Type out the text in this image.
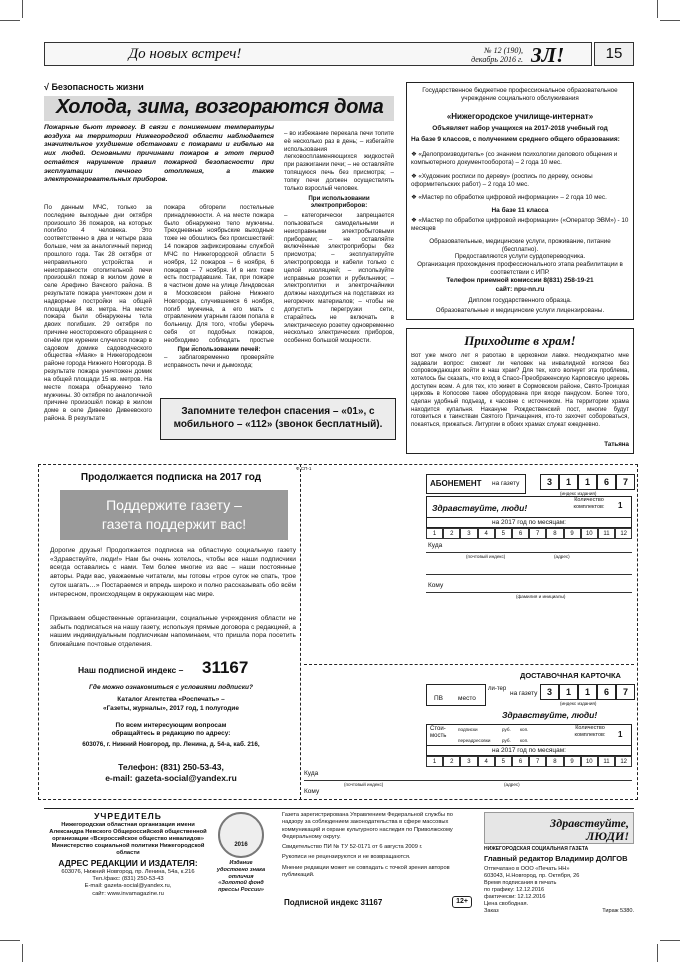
До новых встреч!	№ 12 (190),
декабрь 2016 г. ЗЛ!	15
√ Безопасность жизни
Холода, зима, возгораются дома
Пожарные бьют тревогу. В связи с понижением температуры воздуха на территории Нижегородской области наблюдается значительное ухудшение обстановки с пожарами и гибелью на них людей. Основными причинами пожаров в этот период остаётся нарушение правил пожарной безопасности при эксплуатации печного отопления, а также электронагревательных приборов.
По данным МЧС, только за последние выходные дни октября произошло 36 пожаров, на которых погибло 4 человека. Это соответственно в два и четыре раза больше, чем за аналогичный период прошлого года. Так 28 октября от неправильного устройства и неисправности отопительной печи произошёл пожар в жилом доме в селе Арефино Вачского района. В результате пожара уничтожен дом и надворные постройки на общей площади 84 кв. метра. На месте пожара были обнаружены тела двоих погибших. 29 октября по причине неосторожного обращения с огнём при курении случился пожар в садовом домике садоводческого общества «Маяк» в Нижегородском районе города Нижнего Новгорода. В результате пожара уничтожен домик на общей площади 15 кв. метров. На месте пожара обнаружено тело мужчины. 30 октября по аналогичной причине произошёл пожар в жилом доме в селе Дивеево Дивеевского района. В результате
пожара обгорели постельные принадлежности. А на месте пожара было обнаружено тело мужчины. Трехдневные ноябрьские выходные тоже не обошлись без происшествий: 14 пожаров зафиксированы службой МЧС по Нижегородской области 5 ноября, 12 пожаров – 6 ноября, 6 пожаров – 7 ноября. И в них тоже есть пострадавшие. Так, при пожаре в частном доме на улице Линдовская в Московском районе Нижнего Новгорода, случившемся 6 ноября, погиб мужчина, а его мать с отравлением угарным газом попала в больницу. Для того, чтобы уберечь себя от подобных пожаров, необходимо соблюдать простые
При использовании печей:
– заблаговременно проверяйте исправность печи и дымохода;
– во избежание перекала печи топите её несколько раз в день; – избегайте использования легковоспламеняющихся жидкостей при разжигании печи; – не оставляйте топящуюся печь без присмотра; – топку печи должен осуществлять только взрослый человек.
При использовании электроприборов:
– категорически запрещается пользоваться самодельными и неисправными электробытовыми приборами; – не оставляйте включённые электроприборы без присмотра; – эксплуатируйте электропровода и кабели только с целой изоляцией; – используйте исправные розетки и рубильники; – электроплитки и электрочайники должны находиться на подставках из негорючих материалов; – чтобы не допустить перегрузки сети, старайтесь не включать в электрическую розетку одновременно несколько электрических приборов, особенно большой мощности.
Запомните телефон спасения – «01», с мобильного – «112» (звонок бесплатный).
Государственное бюджетное профессиональное образовательное учреждение социального обслуживания
«Нижегородское училище-интернат»
Объявляет набор учащихся на 2017-2018 учебный год
На базе 9 классов, с получением среднего общего образования:
❖ «Делопроизводитель» (со знанием психологии делового общения и компьютерного документооборота) – 2 года 10 мес.
❖ «Художник росписи по дереву» (роспись по дереву, основы оформительских работ) – 2 года 10 мес.
❖ «Мастер по обработке цифровой информации» – 2 года 10 мес.
На базе 11 класса
❖ «Мастер по обработке цифровой информации» («Оператор ЭВМ») - 10 месяцев
Образовательные, медицинские услуги, проживание, питание (бесплатно).
Предоставляются услуги сурдопереводчика.
Организация прохождения профессионального этапа реабилитации в соответствии с ИПР.
Телефон приемной комиссии 8(831) 258-19-21
сайт: npu-nn.ru
Диплом государственного образца.
Образовательные и медицинские услуги лицензированы.
Приходите в храм!
Вот уже много лет я работаю в церковной лавке. Неоднократно мне задавали вопрос: сможет ли человек на инвалидной коляске без сопровождающих войти в наш храм? Для тех, кого волнует эта проблема, хотелось бы сказать, что вход в Спасо-Преображенскую Карповскую церковь доступен всем. А для тех, кто живет в Сормовском районе, Свято-Троицкая церковь в Копосове также оборудована при входе пандусом. Более того, сделан удобный подъезд, к часовне с источником. На территории храма находится купальня. Накануне Рождественский пост, многие будут готовиться к таинствам Святого Причащения, кто-то захочет собороваться, покаяться, прижаться. Литургии в обоих храмах служат ежедневно.
Татьяна
Продолжается подписка на 2017 год
Поддержите газету –
газета поддержит вас!
Дорогие друзья! Продолжается подписка на областную социальную газету «Здравствуйте, люди!» Нам бы очень хотелось, чтобы все наши подписчики всегда оставались с нами. Тем более многие из вас – наши постоянные авторы. Ради вас, уважаемые читатели, мы готовы «трое суток не спать, трое суток шагать…» Постараемся и впредь широко и полно рассказывать обо всём интересном, происходящем в окружающем нас мире.
Призываем общественные организации, социальные учреждения области не забыть подписаться на нашу газету, используя прямые договора с редакцией, а нашим индивидуальным подписчикам напоминаем, что пришла пора посетить ближайшие почтовые отделения.
Наш подписной индекс – 31167
Где можно ознакомиться с условиями подписки?
Каталог Агентства «Роспечать» –
«Газеты, журналы», 2017 год, 1 полугодие
По всем интересующим вопросам
обращайтесь в редакцию по адресу:
603076, г. Нижний Новгород, пр. Ленина, д. 54-а, каб. 216,
Телефон: (831) 250-53-43,
e-mail: gazeta-social@yandex.ru
Ф СП-1
АБОНЕМЕНТ на газету	3	1	1	6	7
(индекс издания)
Здравствуйте, люди!
Количество комплектов:	1
на 2017 год по месяцам:
1	2	3	4	5	6	7	8	9	10	11	12
Куда
(почтовый индекс)	(адрес)
Кому
(фамилия и инициалы)
ДОСТАВОЧНАЯ КАРТОЧКА
ПВ место
ли-тер
на газету	3	1	1	6	7
(индекс издания)
Здравствуйте, люди!
Стои-мость
подписки
переадресовки
руб. коп.
руб. коп.
Количество комплектов:	1
на 2017 год по месяцам:
1	2	3	4	5	6	7	8	9	10	11	12
Куда
(почтовый индекс)	(адрес)
Кому
УЧРЕДИТЕЛЬ
Нижегородская областная организация имени Александра Невского Общероссийской общественной организации «Всероссийское общество инвалидов»
Министерство социальной политики Нижегородской области
АДРЕС РЕДАКЦИИ И ИЗДАТЕЛЯ:
603076, Нижний Новгород, пр. Ленина, 54а, к.216
Тел./факс: (831) 250-53-43
E-mail: gazeta-social@yandex.ru,
сайт: www.invamagazine.ru
2016
Издание удостоено знака отличия «Золотой фонд прессы России»
Газета зарегистрирована Управлением Федеральной службы по надзору за соблюдением законодательства в сфере массовых коммуникаций и охране культурного наследия по Приволжскому Федеральному округу.
Свидетельство ПИ № ТУ 52-0171 от 6 августа 2009 г.
Рукописи не рецензируются и не возвращаются.
Мнение редакции может не совпадать с точкой зрения авторов публикаций.
Подписной индекс 31167	12+
Здравствуйте, ЛЮДИ!
НИЖЕГОРОДСКАЯ СОЦИАЛЬНАЯ ГАЗЕТА
Главный редактор Владимир ДОЛГОВ
Отпечатано в ООО «Печать НН»
603043, Н.Новгород, пр. Октября, 26
Время подписания в печать
по графику: 12.12.2016
фактически: 12.12.2016
Цена свободная.
Заказ	Тираж 5380.
